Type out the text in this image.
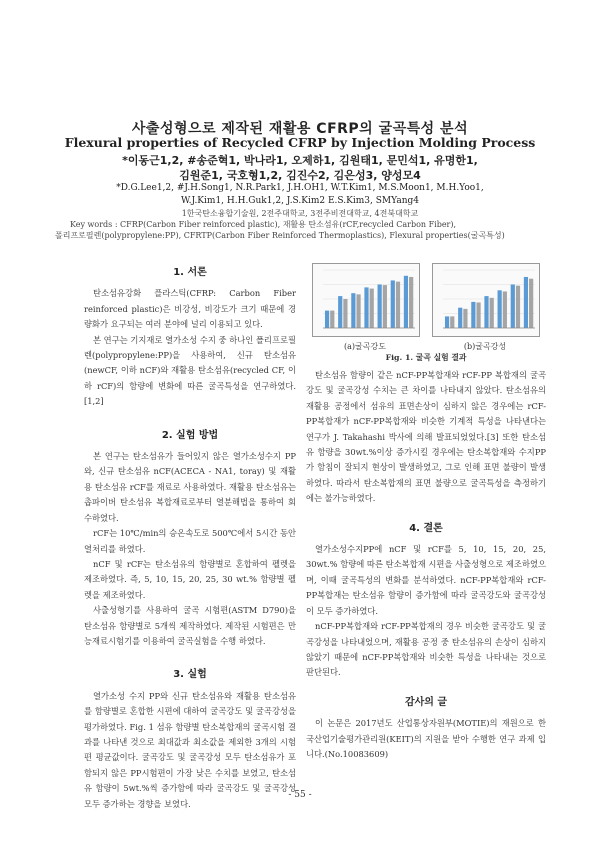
사출성형으로 제작된 재활용 CFRP의 굴곡특성 분석
Flexural properties of Recycled CFRP by Injection Molding Process
*이동근1,2, #송준혁1, 박나라1, 오제하1, 김원태1, 문민석1, 유명한1,
김원준1, 국호형1,2, 김진수2, 김은성3, 양성모4
*D.G.Lee1,2, #J.H.Song1, N.R.Park1, J.H.OH1, W.T.Kim1, M.S.Moon1, M.H.Yoo1,
W.J.Kim1, H.H.Guk1,2, J.S.Kim2 E.S.Kim3, SMYang4
1한국탄소융합기술원, 2전주대학교, 3전주비전대학교, 4전북대학교
Key words : CFRP(Carbon Fiber reinforced plastic), 재활용 탄소섬유(rCF,recycled Carbon Fiber),
폴리프로필렌(polypropylene:PP), CFRTP(Carbon Fiber Reinforced Thermoplastics), Flexural properties(굴곡특성)
1. 서론

탄소섬유강화 플라스틱(CFRP: Carbon Fiber reinforced plastic)은 비강성, 비강도가 크기 때문에 경량화가 요구되는 여러 분야에 널리 이용되고 있다.

본 연구는 기지재로 열가소성 수지 중 하나인 폴리프로필렌(polypropylene:PP)을 사용하여, 신규 탄소섬유(newCF, 이하 nCF)와 재활용 탄소섬유(recycled CF, 이하 rCF)의 함량에 변화에 따른 굴곡특성을 연구하였다.[1,2]

2. 실험 방법

본 연구는 탄소섬유가 들어있지 않은 열가소성수지 PP와, 신규 탄소섬유 nCF(ACECA - NA1, toray) 및 재활용 탄소섬유 rCF를 재료로 사용하였다. 재활용 탄소섬유는 촙파이버 탄소섬유 복합재료로부터 열분해법을 통하여 회수하였다.

rCF는 10℃/min의 승온속도로 500℃에서 5시간 동안 열처리를 하였다.

nCF 및 rCF는 탄소섬유의 함량별로 혼합하여 펠렛을 제조하였다. 즉, 5, 10, 15, 20, 25, 30 wt.% 함량별 펠렛을 제조하였다.

사출성형기를 사용하여 굴곡 시험편(ASTM D790)을 탄소섬유 함량별로 5개씩 제작하였다. 제작된 시험편은 만능재료시험기를 이용하여 굴곡실험을 수행 하였다.

3. 실험

열가소성 수지 PP와 신규 탄소섬유와 재활용 탄소섬유를 함량별로 혼합한 시편에 대하여 굴곡강도 및 굴곡강성을 평가하였다. Fig. 1 섬유 함량별 탄소복합재의 굴곡시험 결과를 나타낸 것으로 최대값과 최소값을 제외한 3개의 시험편 평균값이다. 굴곡강도 및 굴곡강성 모두 탄소섬유가 포함되지 않은 PP시험편이 가장 낮은 수치를 보였고, 탄소섬유 함량이 5wt.%씩 증가함에 따라 굴곡강도 및 굴곡강성 모두 증가하는 경향을 보였다.

(a)굴곡강도	(b)굴곡강성
Fig. 1. 굴곡 실험 결과

탄소섬유 함량이 같은 nCF-PP복합재와 rCF-PP 복합재의 굴곡강도 및 굴곡강성 수치는 큰 차이를 나타내지 않았다. 탄소섬유의 재활용 공정에서 섬유의 표면손상이 심하지 않은 경우에는 rCF-PP복합재가 nCF-PP복합재와 비슷한 기계적 특성을 나타낸다는 연구가 J. Takahashi 박사에 의해 발표되었었다.[3] 또한 탄소섬유 함량을 30wt.%이상 증가시킬 경우에는 탄소복합재와 수지PP가 함침이 잘되지 현상이 발생하였고, 그로 인해 표면 불량이 발생하였다. 따라서 탄소복합재의 표면 불량으로 굴곡특성을 측정하기에는 불가능하였다.

4. 결론

열가소성수지PP에 nCF 및 rCF를 5, 10, 15, 20, 25, 30wt.% 함량에 따른 탄소복합재 시편을 사출성형으로 제조하였으며, 이때 굴곡특성의 변화를 분석하였다. nCF-PP복합재와 rCF-PP복합재는 탄소섬유 함량이 증가함에 따라 굴곡강도와 굴곡강성이 모두 증가하였다.

nCF-PP복합재와 rCF-PP복합재의 경우 비슷한 굴곡강도 및 굴곡강성을 나타내었으며, 재활용 공정 중 탄소섬유의 손상이 심하지 않았기 때문에 nCF-PP복합재와 비슷한 특성을 나타내는 것으로 판단된다.

감사의 글

이 논문은 2017년도 산업통상자원부(MOTIE)의 재원으로 한국산업기술평가관리원(KEIT)의 지원을 받아 수행한 연구 과제 입니다.(No.10083609)

- 55 -
